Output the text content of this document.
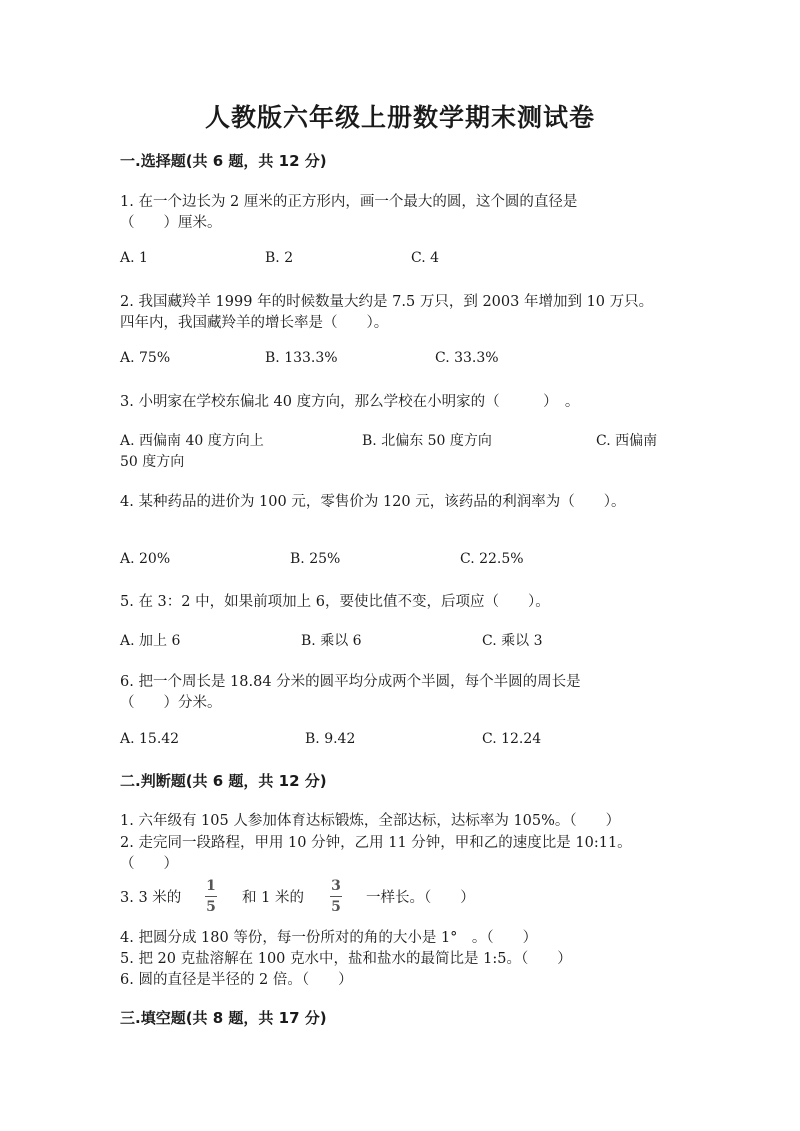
人教版六年级上册数学期末测试卷
一.选择题(共 6 题，共 12 分)
1. 在一个边长为 2 厘米的正方形内，画一个最大的圆，这个圆的直径是
（　　）厘米。
A. 1	B. 2	C. 4
2. 我国藏羚羊 1999 年的时候数量大约是 7.5 万只，到 2003 年增加到 10 万只。
四年内，我国藏羚羊的增长率是（　　）。
A. 75%	B. 133.3%	C. 33.3%
3. 小明家在学校东偏北 40 度方向，那么学校在小明家的（　　　）　。
A. 西偏南 40 度方向上	B. 北偏东 50 度方向	C. 西偏南
50 度方向
4. 某种药品的进价为 100 元，零售价为 120 元，该药品的利润率为（　　）。
A. 20%	B. 25%	C. 22.5%
5. 在 3：2 中，如果前项加上 6，要使比值不变，后项应（　　）。
A. 加上 6	B. 乘以 6	C. 乘以 3
6. 把一个周长是 18.84 分米的圆平均分成两个半圆，每个半圆的周长是
（　　）分米。
A. 15.42	B. 9.42	C. 12.24
二.判断题(共 6 题，共 12 分)
1. 六年级有 105 人参加体育达标锻炼，全部达标，达标率为 105%。（　　）
2. 走完同一段路程，甲用 10 分钟，乙用 11 分钟，甲和乙的速度比是 10:11。
（　　）
3. 3 米的
1
5
和 1 米的
3
5
一样长。（　　）
4. 把圆分成 180 等份，每一份所对的角的大小是 1°　。（　　）
5. 把 20 克盐溶解在 100 克水中，盐和盐水的最简比是 1:5。（　　）
6. 圆的直径是半径的 2 倍。（　　）
三.填空题(共 8 题，共 17 分)
